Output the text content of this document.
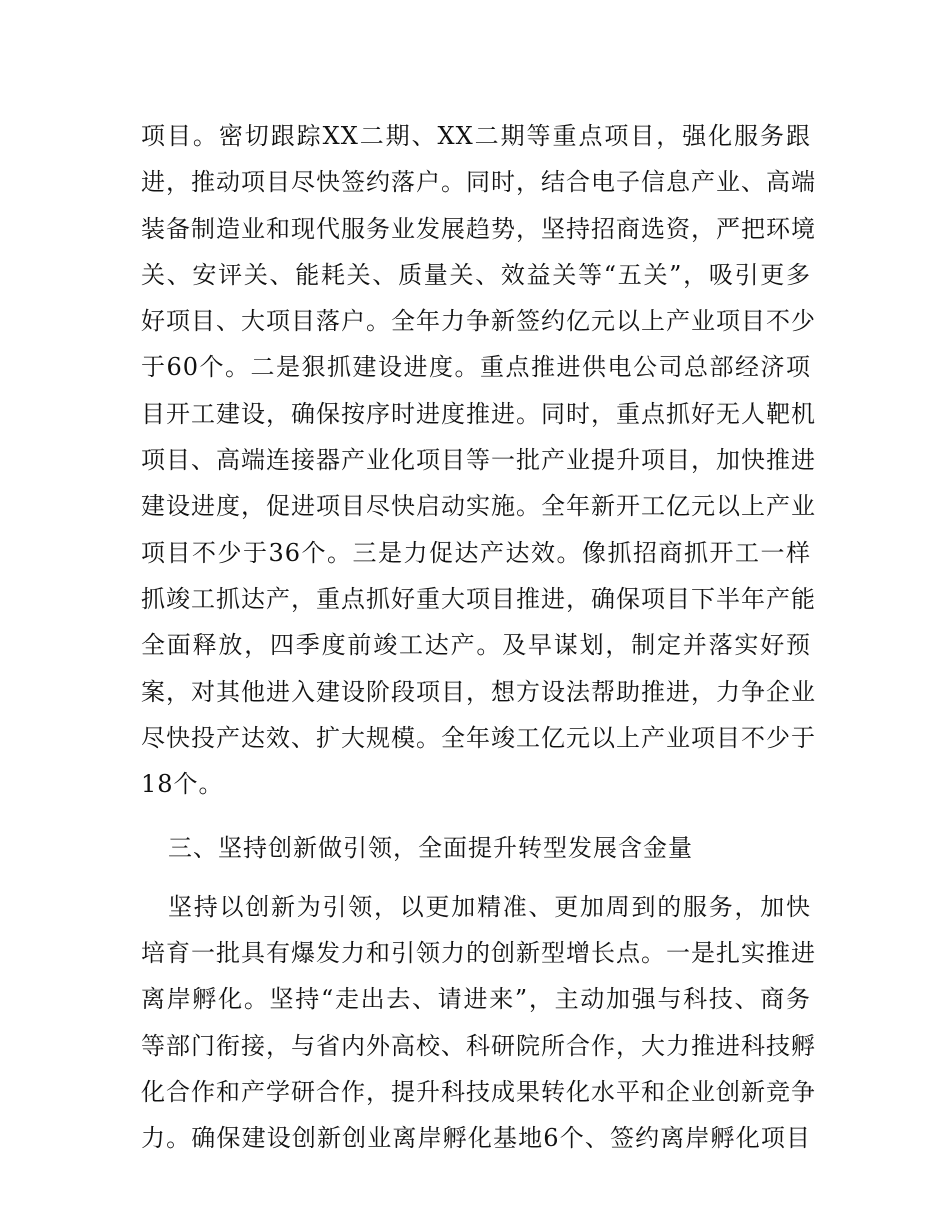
项目。密切跟踪XX二期、XX二期等重点项目，强化服务跟
进，推动项目尽快签约落户。同时，结合电子信息产业、高端
装备制造业和现代服务业发展趋势，坚持招商选资，严把环境
关、安评关、能耗关、质量关、效益关等“五关”，吸引更多
好项目、大项目落户。全年力争新签约亿元以上产业项目不少
于60个。二是狠抓建设进度。重点推进供电公司总部经济项
目开工建设，确保按序时进度推进。同时，重点抓好无人靶机
项目、高端连接器产业化项目等一批产业提升项目，加快推进
建设进度，促进项目尽快启动实施。全年新开工亿元以上产业
项目不少于36个。三是力促达产达效。像抓招商抓开工一样
抓竣工抓达产，重点抓好重大项目推进，确保项目下半年产能
全面释放，四季度前竣工达产。及早谋划，制定并落实好预
案，对其他进入建设阶段项目，想方设法帮助推进，力争企业
尽快投产达效、扩大规模。全年竣工亿元以上产业项目不少于
18个。

三、坚持创新做引领，全面提升转型发展含金量

坚持以创新为引领，以更加精准、更加周到的服务，加快
培育一批具有爆发力和引领力的创新型增长点。一是扎实推进
离岸孵化。坚持“走出去、请进来”，主动加强与科技、商务
等部门衔接，与省内外高校、科研院所合作，大力推进科技孵
化合作和产学研合作，提升科技成果转化水平和企业创新竞争
力。确保建设创新创业离岸孵化基地6个、签约离岸孵化项目
